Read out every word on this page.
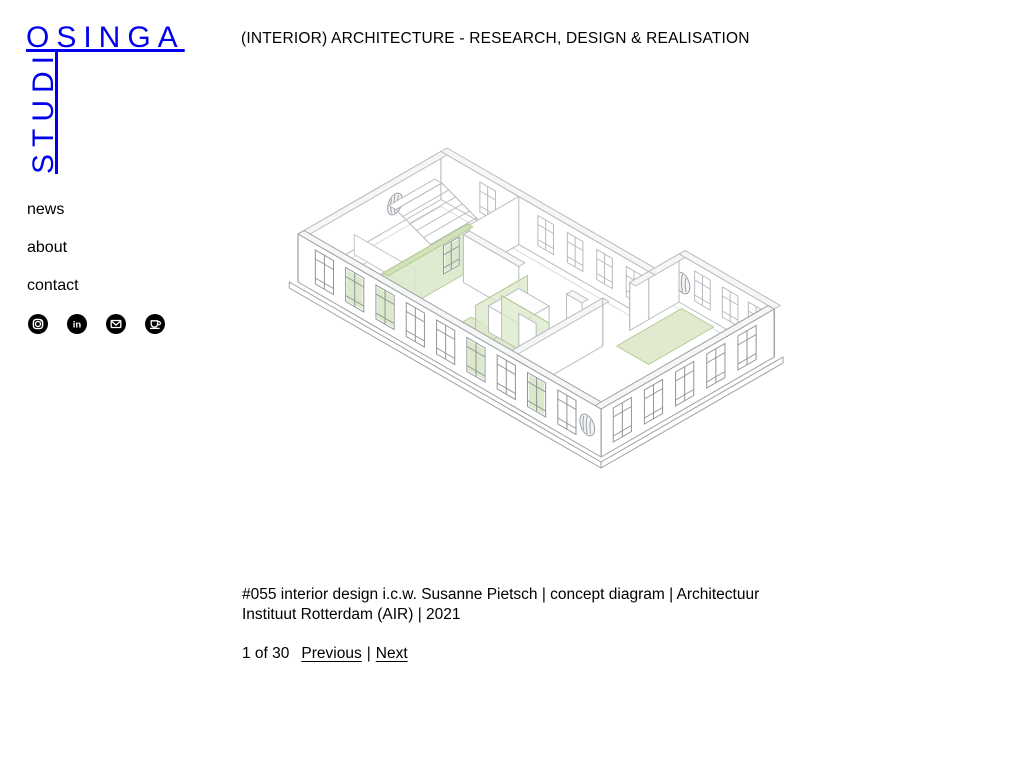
OSINGA
STUDI
(INTERIOR) ARCHITECTURE - RESEARCH, DESIGN & REALISATION
news
about
contact
in

#055 interior design i.c.w. Susanne Pietsch | concept diagram | Architectuur Instituut Rotterdam (AIR) | 2021

1 of 30 Previous | Next
